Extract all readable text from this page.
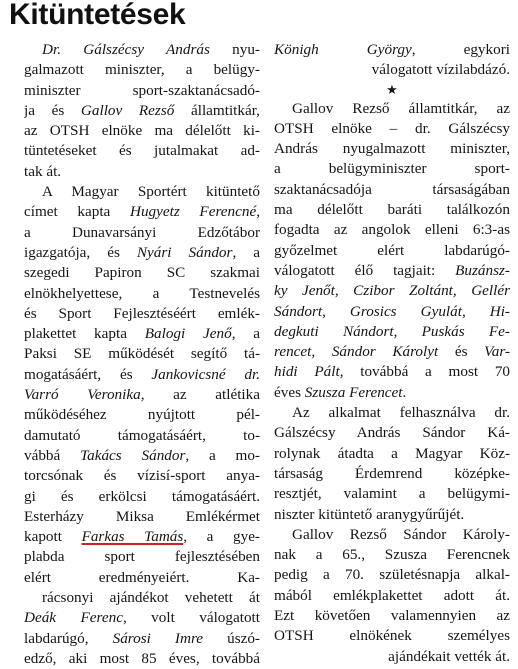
Kitüntetések
Dr. Gálszécsy András nyu-
galmazott miniszter, a belügy-
miniszter sport-szaktanácsadó-
ja és Gallov Rezső államtitkár,
az OTSH elnöke ma délelőtt ki-
tüntetéseket és jutalmakat ad-
tak át.
A Magyar Sportért kitüntető
címet kapta Hugyetz Ferencné,
a Dunavarsányi Edzőtábor
igazgatója, és Nyári Sándor, a
szegedi Papiron SC szakmai
elnökhelyettese, a Testnevelés
és Sport Fejlesztéséért emlék-
plakettet kapta Balogi Jenő, a
Paksi SE működését segítő tá-
mogatásáért, és Jankovicsné dr.
Varró Veronika, az atlétika
működéséhez nyújtott pél-
damutató támogatásáért, to-
vábbá Takács Sándor, a mo-
torcsónak és vízisí-sport anya-
gi és erkölcsi támogatásáért.
Esterházy Miksa Emlékérmet
kapott Farkas Tamás, a gye-
plabda sport fejlesztésében
elért eredményeiért. Ka-
rácsonyi ajándékot vehetett át
Deák Ferenc, volt válogatott
labdarúgó, Sárosi Imre úszó-
edző, aki most 85 éves, továbbá
Königh György, egykori
válogatott vízilabdázó.
★
Gallov Rezső államtitkár, az
OTSH elnöke – dr. Gálszécsy
András nyugalmazott miniszter,
a belügyminiszter sport-
szaktanácsadója társaságában
ma délelőtt baráti találkozón
fogadta az angolok elleni 6:3-as
győzelmet elért labdarúgó-
válogatott élő tagjait: Buzánsz-
ky Jenőt, Czibor Zoltánt, Gellér
Sándort, Grosics Gyulát, Hi-
degkuti Nándort, Puskás Fe-
rencet, Sándor Károlyt és Var-
hidi Pált, továbbá a most 70
éves Szusza Ferencet.
Az alkalmat felhasználva dr.
Gálszécsy András Sándor Ká-
rolynak átadta a Magyar Köz-
társaság Érdemrend középke-
resztjét, valamint a belügymi-
niszter kitüntető aranygyűrűjét.
Gallov Rezső Sándor Károly-
nak a 65., Szusza Ferencnek
pedig a 70. születésnapja alkal-
mából emlékplakettet adott át.
Ezt követően valamennyien az
OTSH elnökének személyes
ajándékait vették át.
